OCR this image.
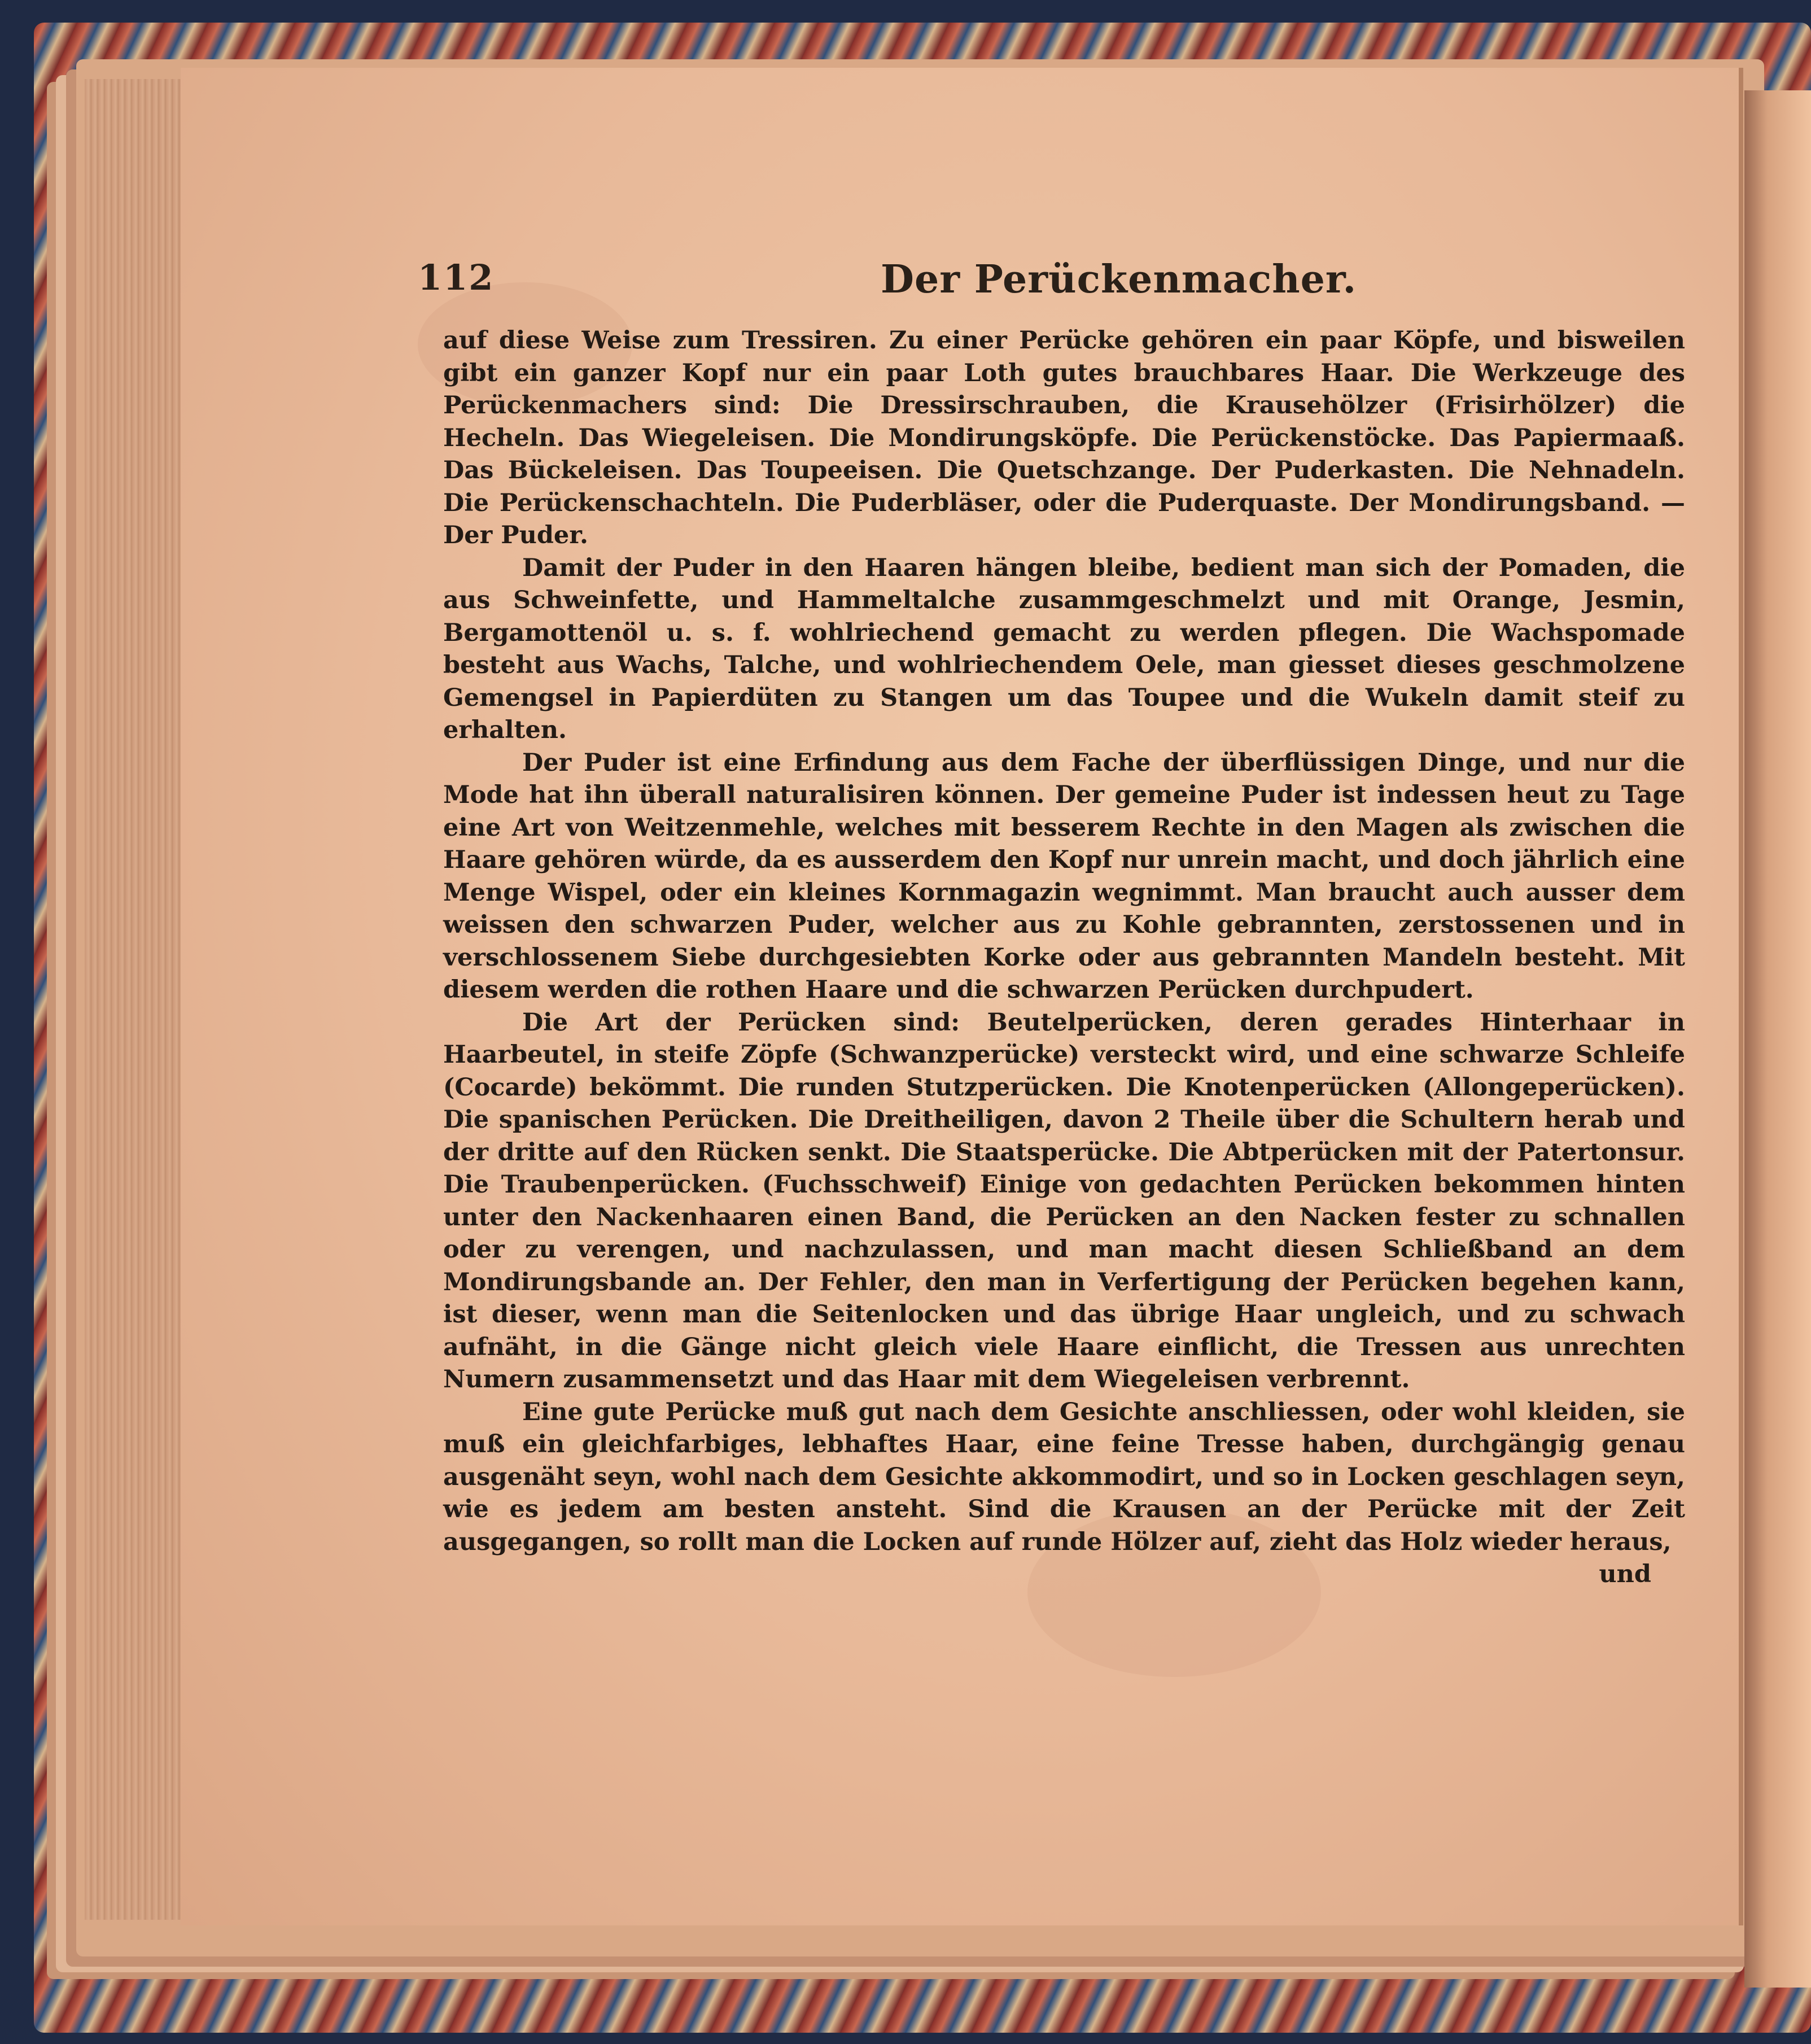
112	Der Perückenmacher.

auf diese Weise zum Tressiren. Zu einer Perücke gehören ein paar Köpfe, und bisweilen gibt ein ganzer Kopf nur ein paar Loth gutes brauchbares Haar. Die Werkzeuge des Perückenmachers sind: Die Dressirschrauben, die Krausehölzer (Frisirhölzer) die Hecheln. Das Wiegeleisen. Die Mondirungsköpfe. Die Perückenstöcke. Das Papiermaaß. Das Bückeleisen. Das Toupeeisen. Die Quetschzange. Der Puderkasten. Die Nehnadeln. Die Perückenschachteln. Die Puderbläser, oder die Puderquaste. Der Mondirungsband. — Der Puder.

Damit der Puder in den Haaren hängen bleibe, bedient man sich der Pomaden, die aus Schweinfette, und Hammeltalche zusammgeschmelzt und mit Orange, Jesmin, Bergamottenöl u. s. f. wohlriechend gemacht zu werden pflegen. Die Wachspomade besteht aus Wachs, Talche, und wohlriechendem Oele, man giesset dieses geschmolzene Gemengsel in Papierdüten zu Stangen um das Toupee und die Wukeln damit steif zu erhalten.

Der Puder ist eine Erfindung aus dem Fache der überflüssigen Dinge, und nur die Mode hat ihn überall naturalisiren können. Der gemeine Puder ist indessen heut zu Tage eine Art von Weitzenmehle, welches mit besserem Rechte in den Magen als zwischen die Haare gehören würde, da es ausserdem den Kopf nur unrein macht, und doch jährlich eine Menge Wispel, oder ein kleines Kornmagazin wegnimmt. Man braucht auch ausser dem weissen den schwarzen Puder, welcher aus zu Kohle gebrannten, zerstossenen und in verschlossenem Siebe durchgesiebten Korke oder aus gebrannten Mandeln besteht. Mit diesem werden die rothen Haare und die schwarzen Perücken durchpudert.

Die Art der Perücken sind: Beutelperücken, deren gerades Hinterhaar in Haarbeutel, in steife Zöpfe (Schwanzperücke) versteckt wird, und eine schwarze Schleife (Cocarde) bekömmt. Die runden Stutzperücken. Die Knotenperücken (Allongeperücken). Die spanischen Perücken. Die Dreitheiligen, davon 2 Theile über die Schultern herab und der dritte auf den Rücken senkt. Die Staatsperücke. Die Abtperücken mit der Patertonsur. Die Traubenperücken. (Fuchsschweif) Einige von gedachten Perücken bekommen hinten unter den Nackenhaaren einen Band, die Perücken an den Nacken fester zu schnallen oder zu verengen, und nachzulassen, und man macht diesen Schließband an dem Mondirungsbande an. Der Fehler, den man in Verfertigung der Perücken begehen kann, ist dieser, wenn man die Seitenlocken und das übrige Haar ungleich, und zu schwach aufnäht, in die Gänge nicht gleich viele Haare einflicht, die Tressen aus unrechten Numern zusammensetzt und das Haar mit dem Wiegeleisen verbrennt.

Eine gute Perücke muß gut nach dem Gesichte anschliessen, oder wohl kleiden, sie muß ein gleichfarbiges, lebhaftes Haar, eine feine Tresse haben, durchgängig genau ausgenäht seyn, wohl nach dem Gesichte akkommodirt, und so in Locken geschlagen seyn, wie es jedem am besten ansteht. Sind die Krausen an der Perücke mit der Zeit ausgegangen, so rollt man die Locken auf runde Hölzer auf, zieht das Holz wieder heraus,

und
